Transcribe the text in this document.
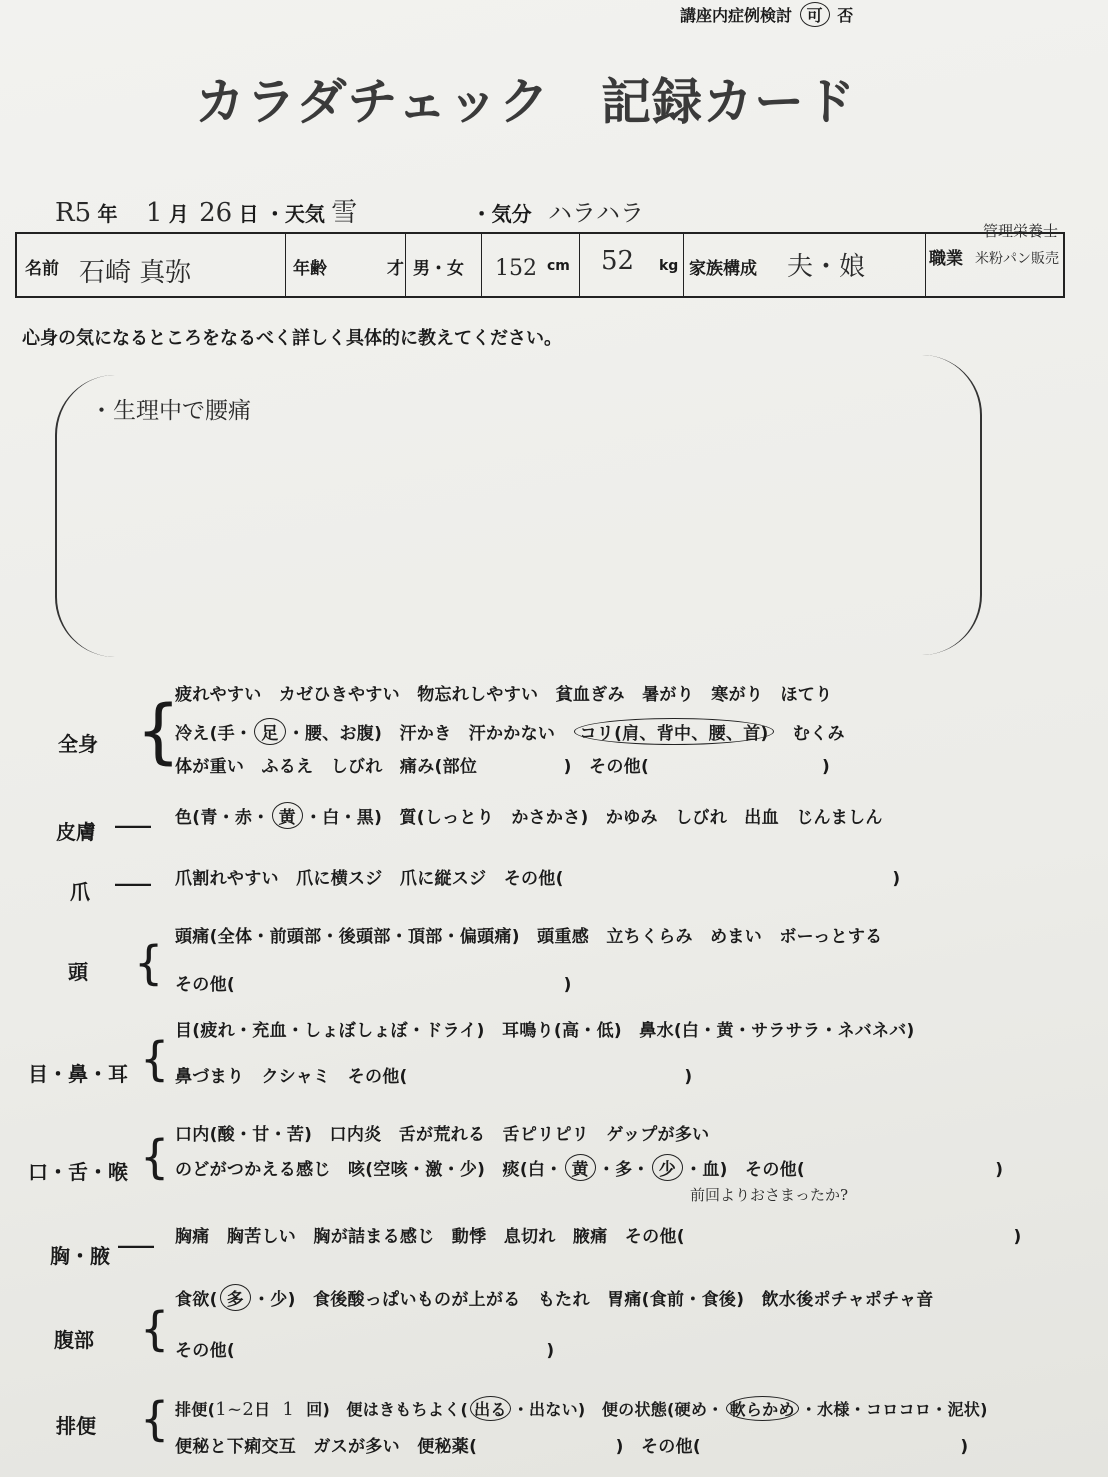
講座内症例検討 可 否
カラダチェック　記録カード
R5 年 1 月 26 日 ・天気 雪	・気分 ハラハラ
名前 石崎 真弥	年齢	才 男・女 152 cm 52 kg 家族構成 夫・娘	職業
管理栄養士
米粉パン販売
心身の気になるところをなるべく詳しく具体的に教えてください。
・生理中で腰痛
全身 {
疲れやすい　カゼひきやすい　物忘れしやすい　貧血ぎみ　暑がり　寒がり　ほてり
冷え(手・ 足 ・腰、お腹)　汗かき　汗かかない　コリ(肩、背中、腰、首)　むくみ
体が重い　ふるえ　しびれ　痛み(部位　　　　　)　その他(　　　　　　　　　　)
皮膚 ―― 色(青・赤・ 黄 ・白・黒)　質(しっとり　かさかさ)　かゆみ　しびれ　出血　じんましん
爪 ―― 爪割れやすい　爪に横スジ　爪に縦スジ　その他(　　　　　　　　　　　　　　　　　　　)
頭 { 頭痛(全体・前頭部・後頭部・頂部・偏頭痛)　頭重感　立ちくらみ　めまい　ボーっとする
その他(　　　　　　　　　　　　　　　　　　　)
目・鼻・耳 {
目(疲れ・充血・しょぼしょぼ・ドライ)　耳鳴り(高・低)　鼻水(白・黄・サラサラ・ネバネバ)
鼻づまり　クシャミ　その他(　　　　　　　　　　　　　　　　)
口・舌・喉 { 口内(酸・甘・苦)　口内炎　舌が荒れる　舌ピリピリ　ゲップが多い
のどがつかえる感じ　咳(空咳・激・少)　痰(白・ 黄 ・多・ 少 ・血)　その他(　　　　　　　　　　　)
前回よりおさまったか?
胸・腋 ―― 胸痛　胸苦しい　胸が詰まる感じ　動悸　息切れ　腋痛　その他(　　　　　　　　　　　　　　　　　　　)
腹部 {
食欲( 多 ・少)　食後酸っぱいものが上がる　もたれ　胃痛(食前・食後)　飲水後ポチャポチャ音
その他(　　　　　　　　　　　　　　　　　　)
排便 { 排便(1~2日 1 回)　便はきもちよく( 出る ・出ない)　便の状態(硬め・ 軟らかめ ・水様・コロコロ・泥状)
便秘と下痢交互　ガスが多い　便秘薬(　　　　　　　　)　その他(　　　　　　　　　　　　　　　)
